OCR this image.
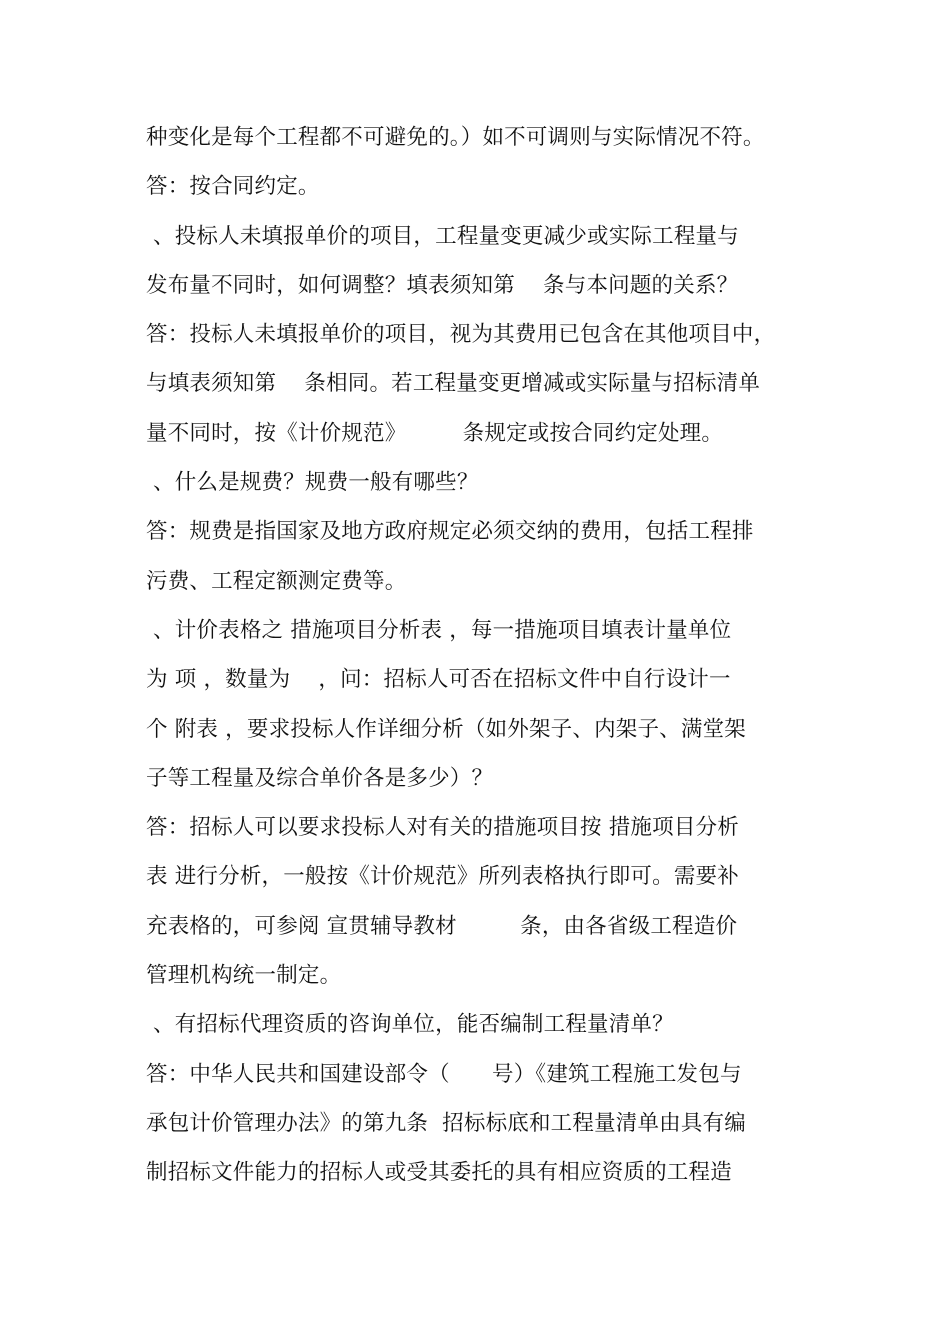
种变化是每个工程都不可避免的。）如不可调则与实际情况不符。
答：按合同约定。
、投标人未填报单价的项目，工程量变更减少或实际工程量与
发布量不同时，如何调整？填表须知第    条与本问题的关系？
答：投标人未填报单价的项目，视为其费用已包含在其他项目中，
与填表须知第    条相同。若工程量变更增减或实际量与招标清单
量不同时，按《计价规范》        条规定或按合同约定处理。
、什么是规费？规费一般有哪些？
答：规费是指国家及地方政府规定必须交纳的费用，包括工程排
污费、工程定额测定费等。
、计价表格之 措施项目分析表 ，每一措施项目填表计量单位
为 项 ，数量为    ，问：招标人可否在招标文件中自行设计一
个 附表 ，要求投标人作详细分析（如外架子、内架子、满堂架
子等工程量及综合单价各是多少）？
答：招标人可以要求投标人对有关的措施项目按 措施项目分析
表 进行分析，一般按《计价规范》所列表格执行即可。需要补
充表格的，可参阅 宣贯辅导教材         条，由各省级工程造价
管理机构统一制定。
、有招标代理资质的咨询单位，能否编制工程量清单？
答：中华人民共和国建设部令（      号）《建筑工程施工发包与
承包计价管理办法》的第九条  招标标底和工程量清单由具有编
制招标文件能力的招标人或受其委托的具有相应资质的工程造
